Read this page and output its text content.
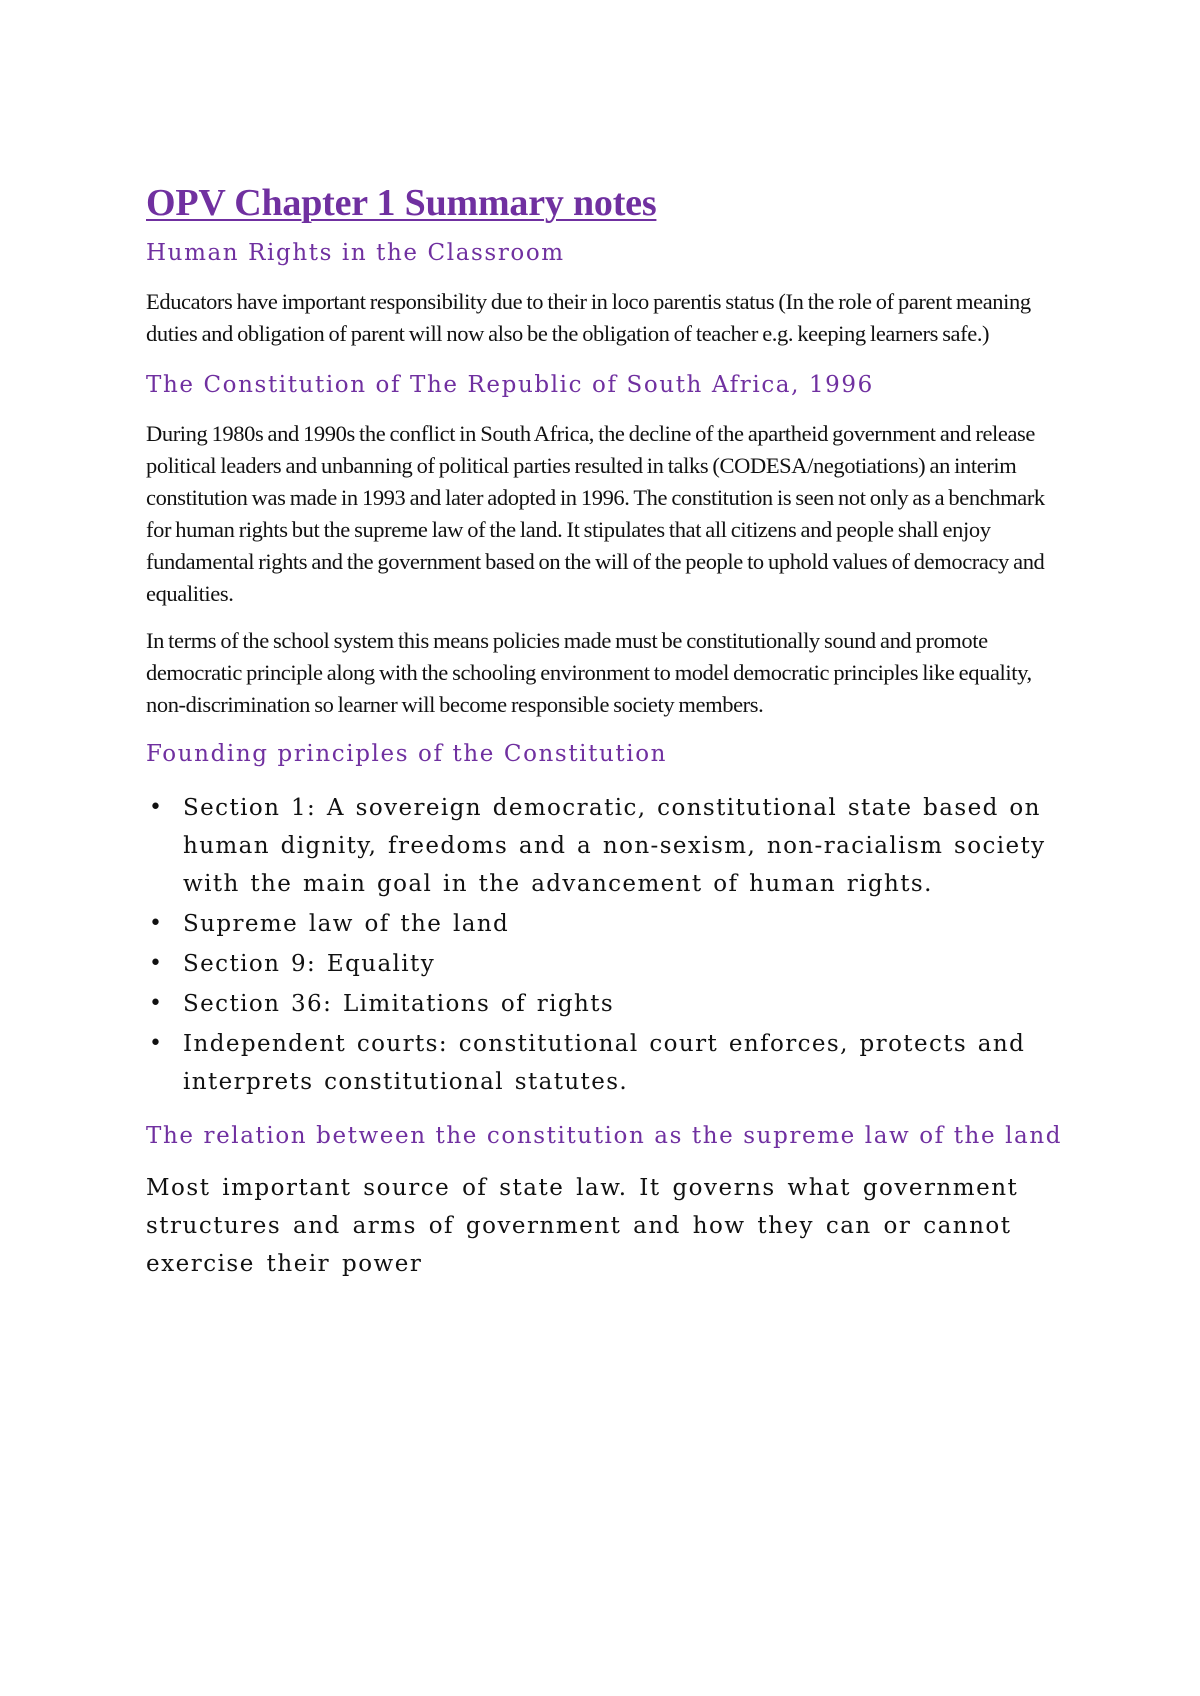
OPV Chapter 1 Summary notes
Human Rights in the Classroom

Educators have important responsibility due to their in loco parentis status (In the role of parent meaning duties and obligation of parent will now also be the obligation of teacher e.g. keeping learners safe.)

The Constitution of The Republic of South Africa, 1996

During 1980s and 1990s the conflict in South Africa, the decline of the apartheid government and release political leaders and unbanning of political parties resulted in talks (CODESA/negotiations) an interim constitution was made in 1993 and later adopted in 1996. The constitution is seen not only as a benchmark for human rights but the supreme law of the land. It stipulates that all citizens and people shall enjoy fundamental rights and the government based on the will of the people to uphold values of democracy and equalities.

In terms of the school system this means policies made must be constitutionally sound and promote democratic principle along with the schooling environment to model democratic principles like equality, non-discrimination so learner will become responsible society members.

Founding principles of the Constitution
• Section 1: A sovereign democratic, constitutional state based on human dignity, freedoms and a non-sexism, non-racialism society with the main goal in the advancement of human rights.
• Supreme law of the land
• Section 9: Equality
• Section 36: Limitations of rights
• Independent courts: constitutional court enforces, protects and interprets constitutional statutes.
The relation between the constitution as the supreme law of the land

Most important source of state law. It governs what government structures and arms of government and how they can or cannot exercise their power
